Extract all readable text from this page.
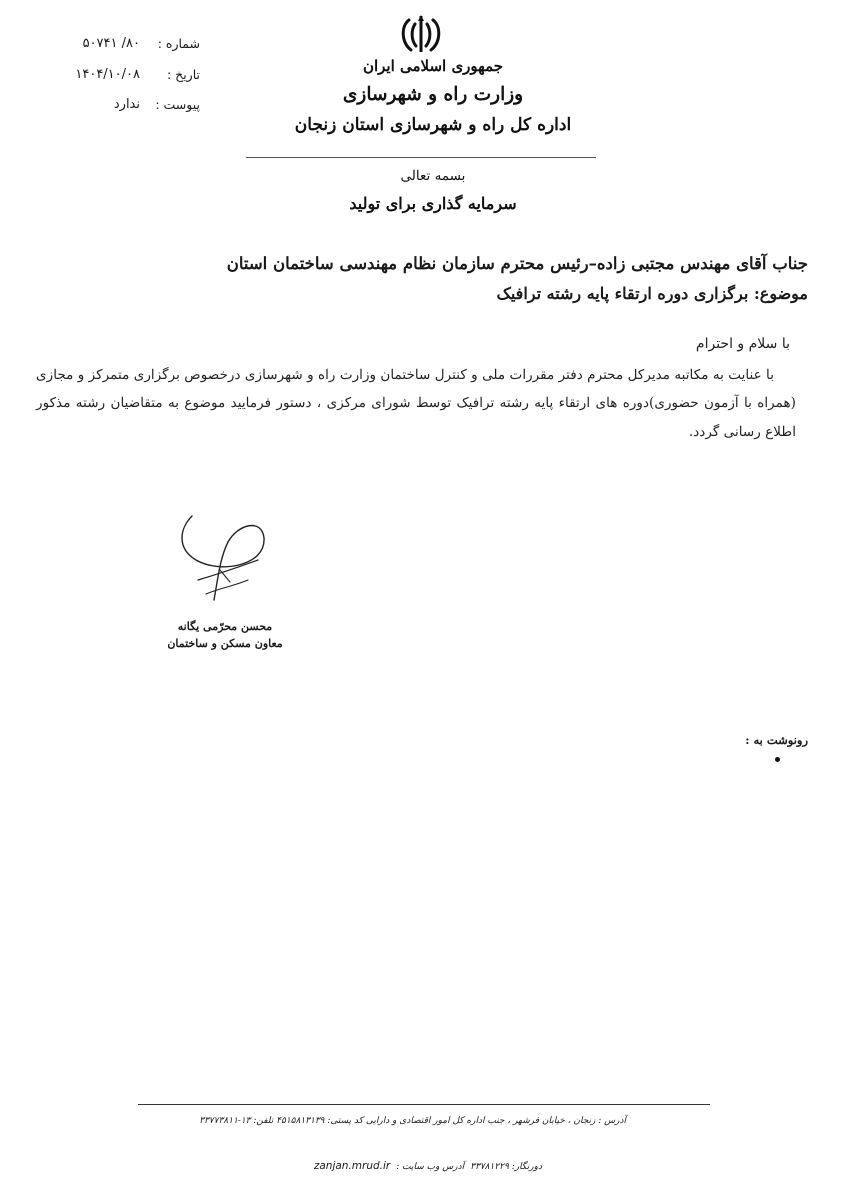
شماره :
۸۰/ ۵۰۷۴۱
تاریخ :
۱۴۰۴/۱۰/۰۸
پیوست :
ندارد
جمهوری اسلامی ایران
وزارت راه و شهرسازی
اداره کل راه و شهرسازی استان زنجان
بسمه تعالی
سرمایه گذاری برای تولید
جناب آقای مهندس مجتبی زاده–رئیس محترم سازمان نظام مهندسی ساختمان استان
موضوع: برگزاری دوره ارتقاء پایه رشته ترافیک
با سلام و احترام
با عنایت به مکاتبه مدیرکل محترم دفتر مقررات ملی و کنترل ساختمان وزارت راه و شهرسازی درخصوص برگزاری متمرکز و مجازی (همراه با آزمون حضوری)دوره های ارتقاء پایه رشته ترافیک توسط شورای مرکزی ، دستور فرمایید موضوع به متقاضیان رشته مذکور اطلاع رسانی گردد.
محسن محرّمی یگانه
معاون مسکن و ساختمان
رونوشت به :
آدرس : زنجان ، خیابان فرشهر ، جنب اداره کل امور اقتصادی و دارایی کد پستی: ۴۵۱۵۸۱۳۱۳۹ تلفن: ۱۳-۳۳۷۷۳۸۱۱
دورنگار: ۳۳۷۸۱۲۲۹
آدرس وب سایت :
zanjan.mrud.ir
